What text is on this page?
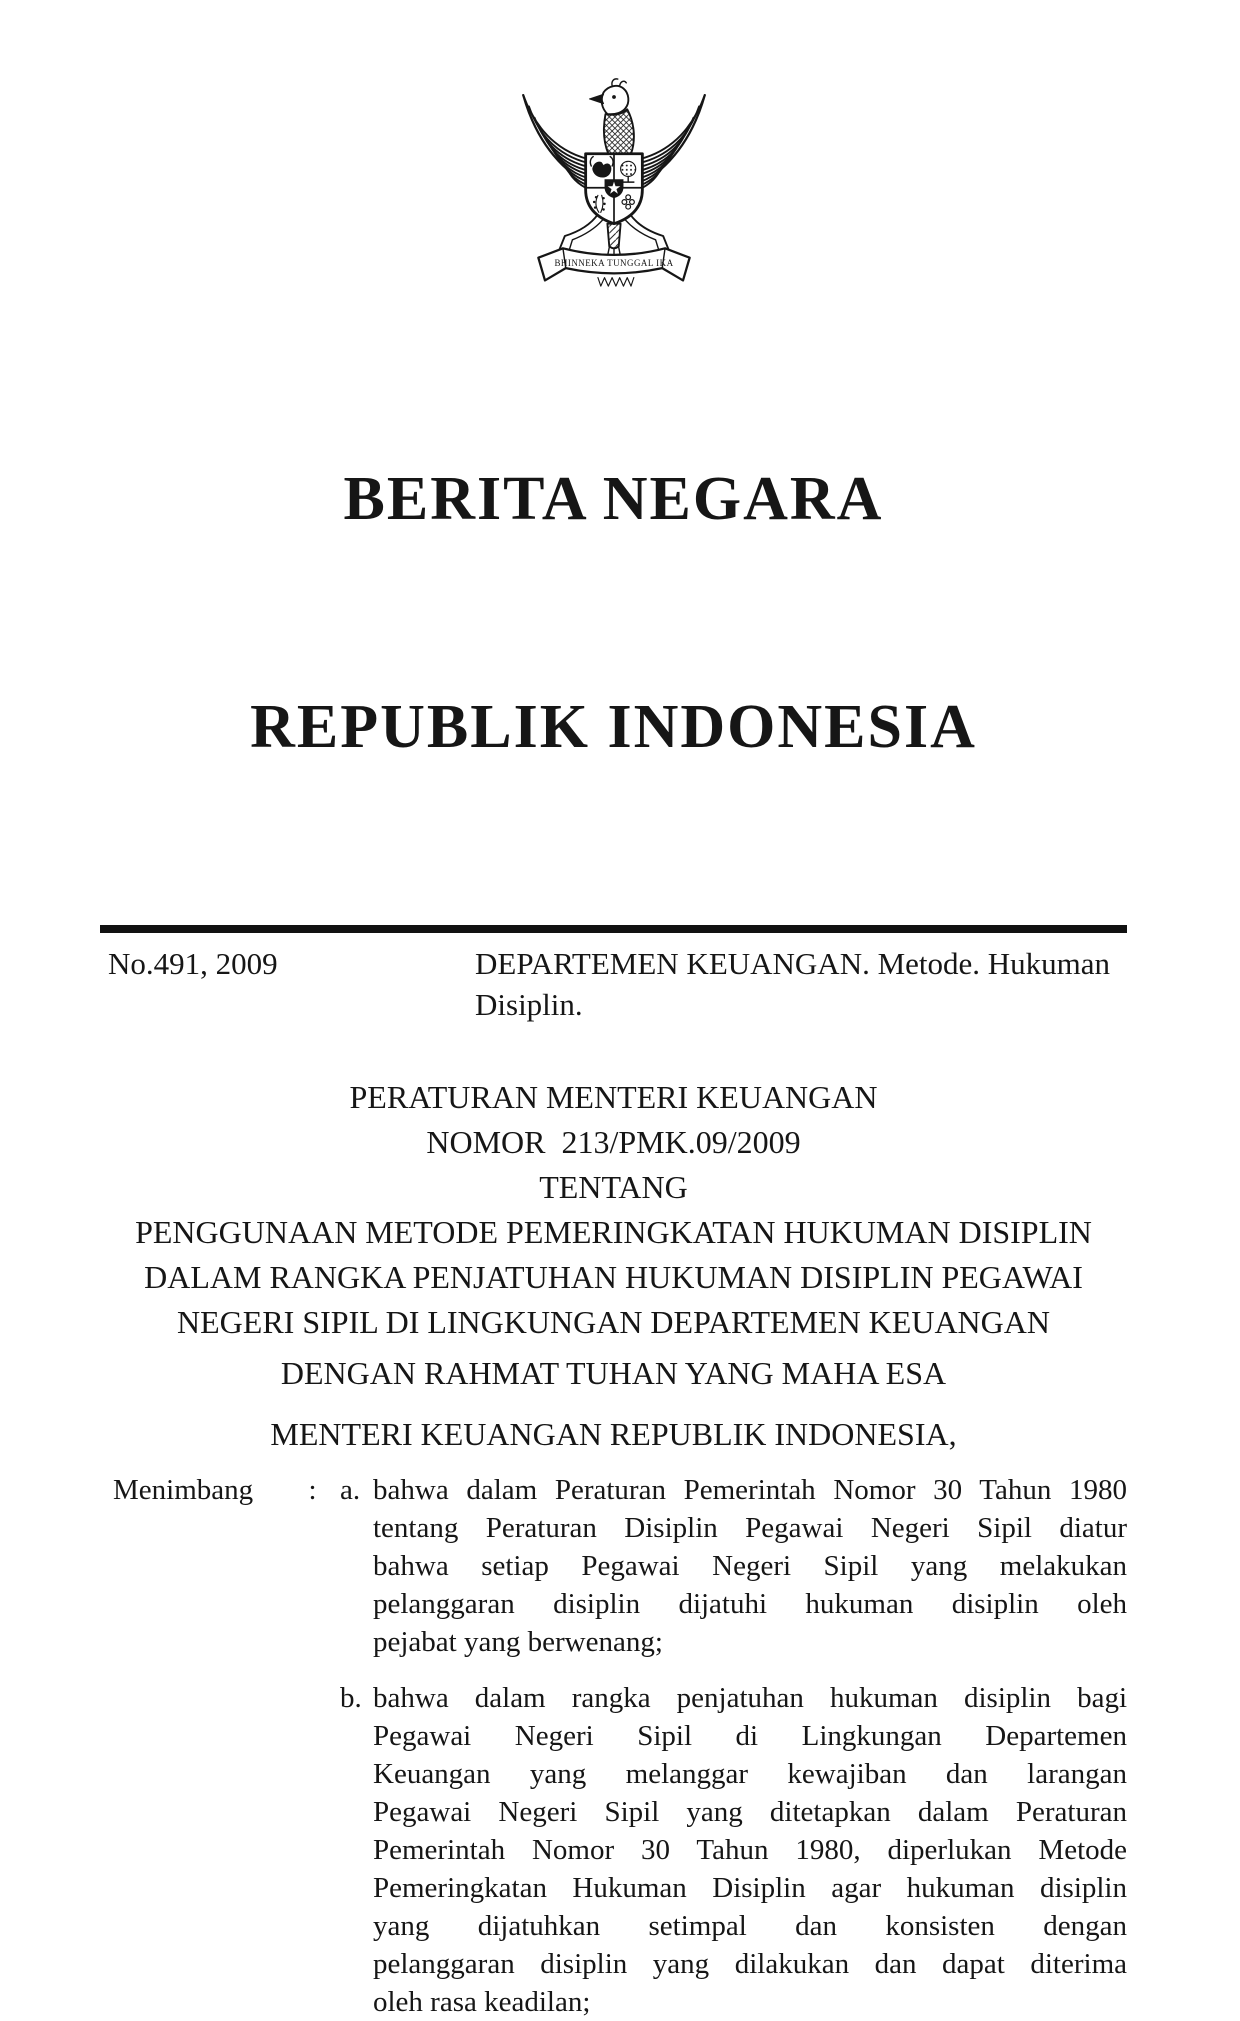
BHINNEKA TUNGGAL IKA

BERITA NEGARA

REPUBLIK INDONESIA

No.491, 2009	DEPARTEMEN KEUANGAN. Metode. Hukuman
Disiplin.
PERATURAN MENTERI KEUANGAN
NOMOR  213/PMK.09/2009
TENTANG
PENGGUNAAN METODE PEMERINGKATAN HUKUMAN DISIPLIN
DALAM RANGKA PENJATUHAN HUKUMAN DISIPLIN PEGAWAI
NEGERI SIPIL DI LINGKUNGAN DEPARTEMEN KEUANGAN
DENGAN RAHMAT TUHAN YANG MAHA ESA
MENTERI KEUANGAN REPUBLIK INDONESIA,
Menimbang	: a. bahwa dalam Peraturan Pemerintah Nomor 30 Tahun 1980
tentang Peraturan Disiplin Pegawai Negeri Sipil diatur
bahwa setiap Pegawai Negeri Sipil yang melakukan
pelanggaran disiplin dijatuhi hukuman disiplin oleh
pejabat yang berwenang;
b. bahwa dalam rangka penjatuhan hukuman disiplin bagi
Pegawai Negeri Sipil di Lingkungan Departemen
Keuangan yang melanggar kewajiban dan larangan
Pegawai Negeri Sipil yang ditetapkan dalam Peraturan
Pemerintah Nomor 30 Tahun 1980, diperlukan Metode
Pemeringkatan Hukuman Disiplin agar hukuman disiplin
yang dijatuhkan setimpal dan konsisten dengan
pelanggaran disiplin yang dilakukan dan dapat diterima
oleh rasa keadilan;
